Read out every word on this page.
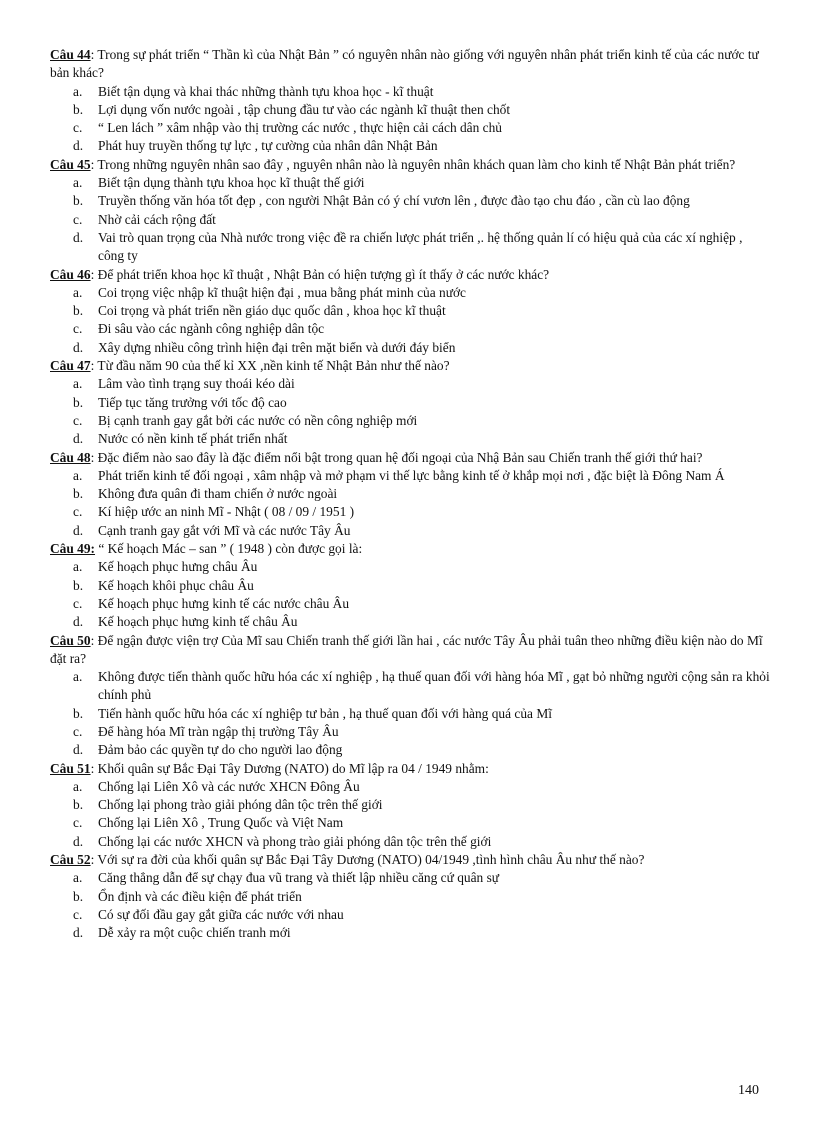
Câu 44: Trong sự phát triển “ Thần kì của Nhật Bản ” có nguyên nhân nào giống với nguyên nhân phát triển kinh tế của các nước tư bản khác?

a.	Biết tận dụng và khai thác những thành tựu khoa học - kĩ thuật
b.	Lợi dụng vốn nước ngoài , tập chung đầu tư vào các ngành kĩ thuật then chốt
c.	“ Len lách ” xâm nhập vào thị trường các nước , thực hiện cải cách dân chủ
d.	Phát huy truyền thống tự lực , tự cường của nhân dân Nhật Bản

Câu 45: Trong những nguyên nhân sao đây , nguyên nhân nào là nguyên nhân khách quan làm cho kinh tế Nhật Bản phát triển?

a.	Biết tận dụng thành tựu khoa học kĩ thuật thế giới
b.	Truyền thống văn hóa tốt đẹp , con người Nhật Bản có ý chí vươn lên , được đào tạo chu đáo , cần cù lao động
c.	Nhờ cải cách rộng đất
d.	Vai trò quan trọng của Nhà nước trong việc đề ra chiến lược phát triển ,. hệ thống quản lí có hiệu quả của các xí nghiệp , công ty

Câu 46: Để phát triển khoa học kĩ thuật , Nhật Bản có hiện tượng gì ít thấy ở các nước khác?

a.	Coi trọng việc nhập kĩ thuật hiện đại , mua bằng phát minh của nước
b.	Coi trọng và phát triển nền giáo dục quốc dân , khoa học kĩ thuật
c.	Đi sâu vào các ngành công nghiệp dân tộc
d.	Xây dựng nhiều công trình hiện đại trên mặt biển và dưới đáy biển

Câu 47: Từ đầu năm 90 của thế kỉ XX ,nền kinh tế Nhật Bản như thế nào?

a.	Lâm vào tình trạng suy thoái kéo dài
b.	Tiếp tục tăng trưởng với tốc độ cao
c.	Bị cạnh tranh gay gắt bởi các nước có nền công nghiệp mới
d.	Nước có nền kinh tế phát triển nhất

Câu 48: Đặc điểm nào sao đây là đặc điểm nổi bật trong quan hệ đối ngoại của Nhậ Bản sau Chiến tranh thế giới thứ hai?

a.	Phát triển kinh tế đối ngoại , xâm nhập và mở phạm vi thế lực bằng kinh tế ở khắp mọi nơi , đặc biệt là Đông Nam Á
b.	Không đưa quân đi tham chiến ở nước ngoài
c.	Kí hiệp ước an ninh Mĩ - Nhật ( 08 / 09 / 1951 )
d.	Cạnh tranh gay gắt với Mĩ và các nước Tây Âu

Câu 49: “ Kế hoạch Mác – san ” ( 1948 ) còn được gọi là:

a.	Kế hoạch phục hưng châu Âu
b.	Kế hoạch khôi phục châu Âu
c.	Kế hoạch phục hưng kinh tế các nước châu Âu
d.	Kế hoạch phục hưng kinh tế châu Âu

Câu 50: Để ngận được viện trợ Của Mĩ sau Chiến tranh thế giới lần hai , các nước Tây Âu phải tuân theo những điều kiện nào do Mĩ đặt ra?

a.	Không được tiến thành quốc hữu hóa các xí nghiệp , hạ thuế quan đối với hàng hóa Mĩ , gạt bỏ những người cộng sản ra khỏi chính phủ
b.	Tiến hành quốc hữu hóa các xí nghiệp tư bản , hạ thuế quan đối với hàng quá của Mĩ
c.	Để hàng hóa Mĩ tràn ngập thị trường Tây Âu
d.	Đảm bảo các quyền tự do cho người lao động

Câu 51: Khối quân sự Bắc Đại Tây Dương (NATO) do Mĩ lập ra 04 / 1949 nhằm:

a.	Chống lại Liên Xô và các nước XHCN Đông Âu
b.	Chống lại phong trào giải phóng dân tộc trên thế giới
c.	Chống lại Liên Xô , Trung Quốc và Việt Nam
d.	Chống lại các nước XHCN và phong trào giải phóng dân tộc trên thế giới

Câu 52: Với sự ra đời của khối quân sự Bắc Đại Tây Dương (NATO) 04/1949 ,tình hình châu Âu như thế nào?

a.	Căng thẳng dẫn để sự chạy đua vũ trang và thiết lập nhiều căng cứ quân sự
b.	Ổn định và các điều kiện để phát triển
c.	Có sự đối đầu gay gắt giữa các nước với nhau
d.	Dễ xảy ra một cuộc chiến tranh mới
140
